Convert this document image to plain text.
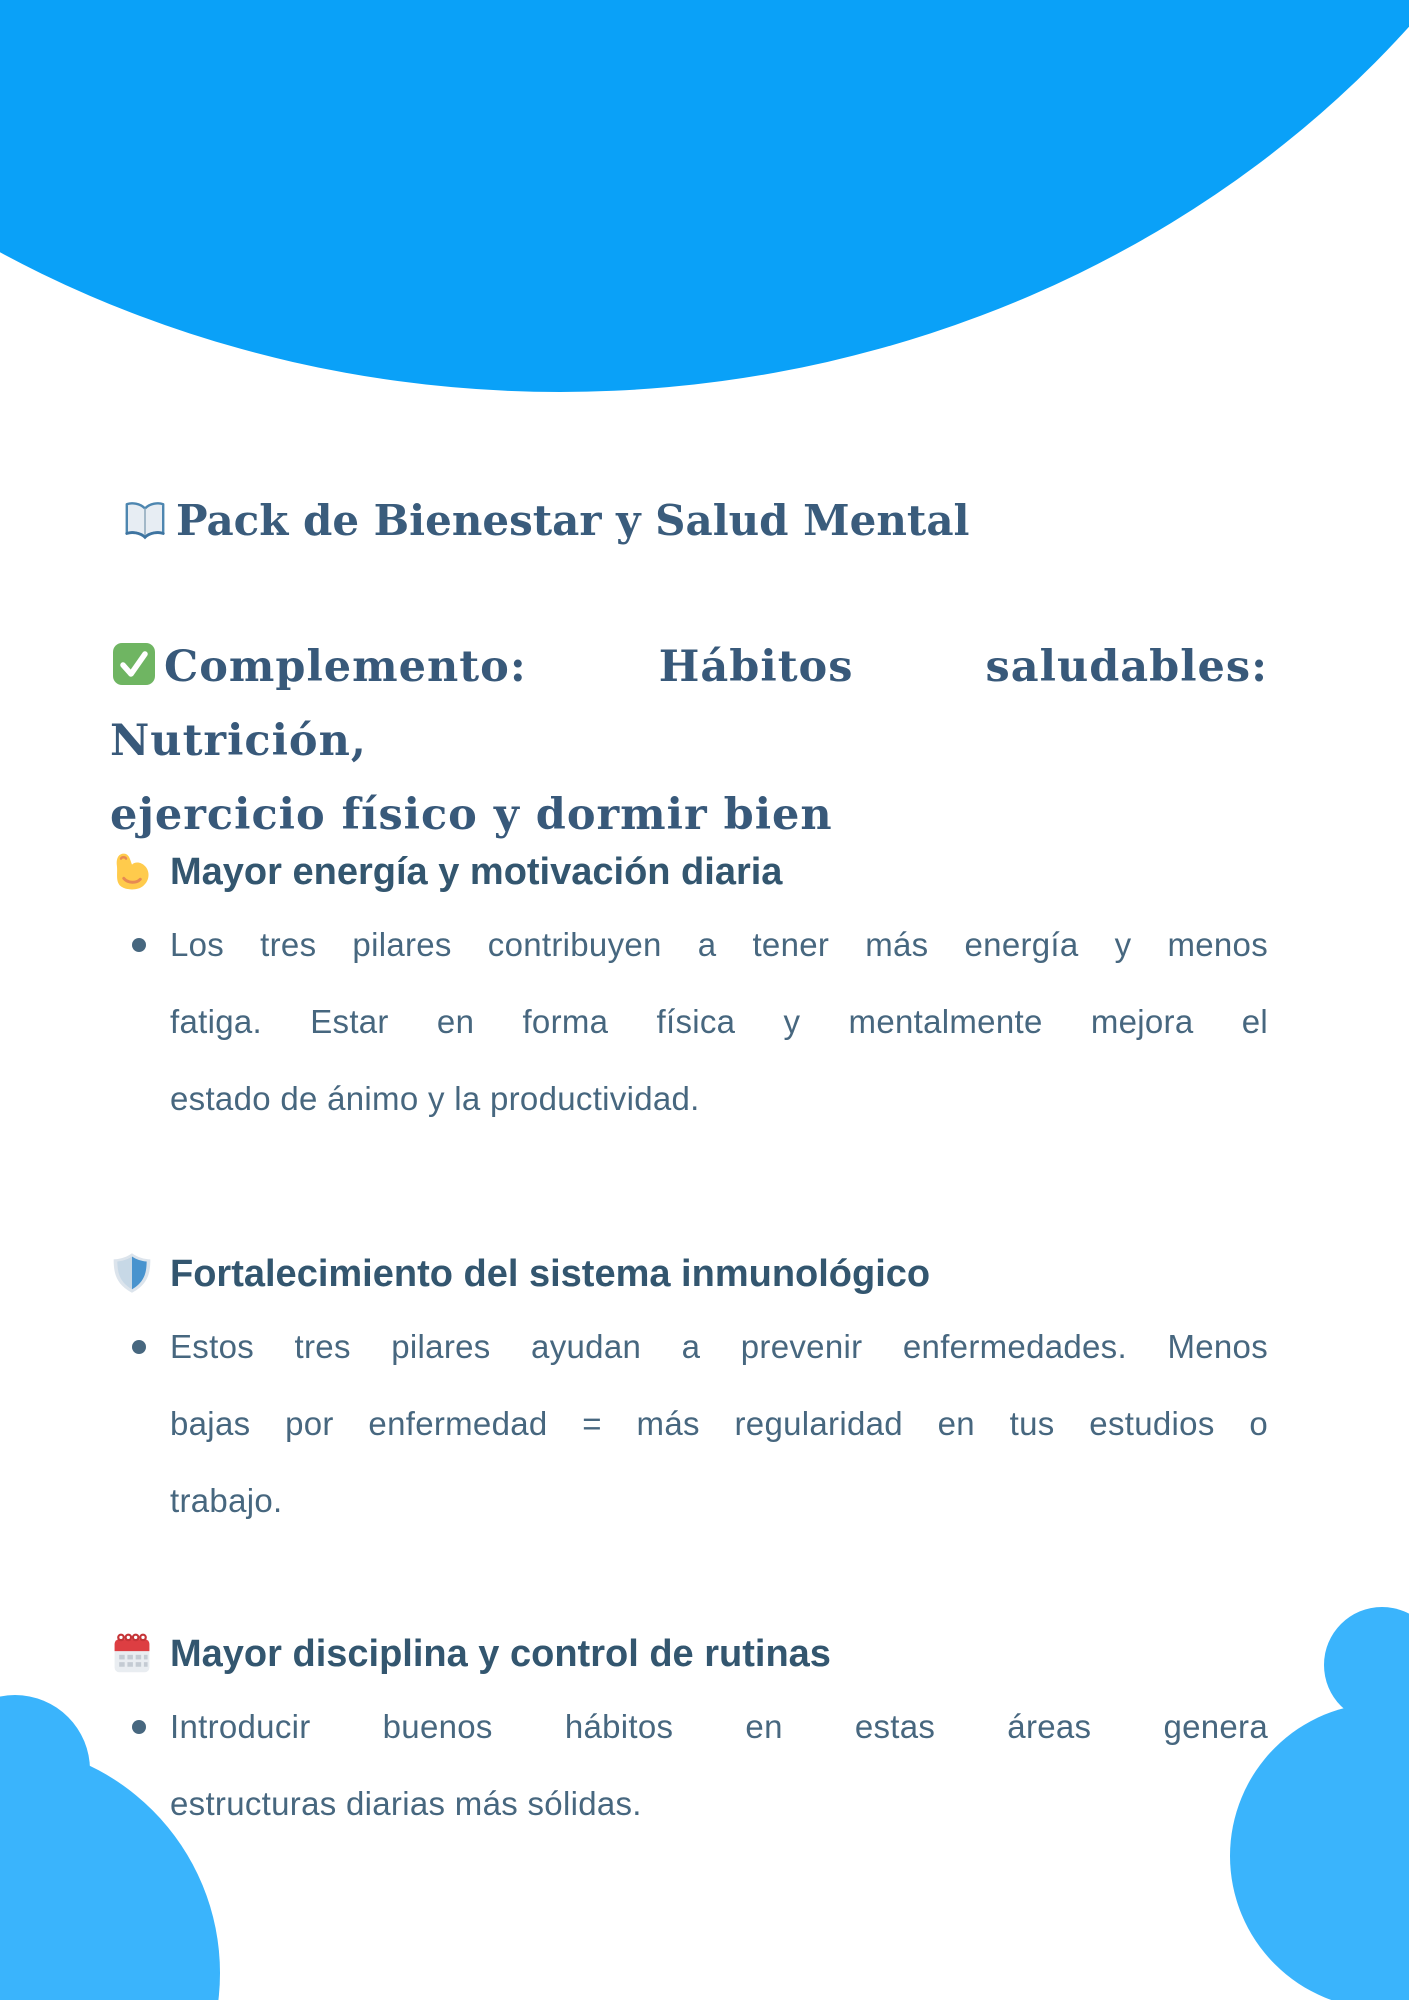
Pack de Bienestar y Salud Mental
Complemento: Hábitos saludables: Nutrición,
ejercicio físico y dormir bien
Mayor energía y motivación diaria
Los tres pilares contribuyen a tener más energía y menos
fatiga. Estar en forma física y mentalmente mejora el
estado de ánimo y la productividad.
Fortalecimiento del sistema inmunológico
Estos tres pilares ayudan a prevenir enfermedades. Menos
bajas por enfermedad = más regularidad en tus estudios o
trabajo.
Mayor disciplina y control de rutinas
Introducir buenos hábitos en estas áreas genera
estructuras diarias más sólidas.
